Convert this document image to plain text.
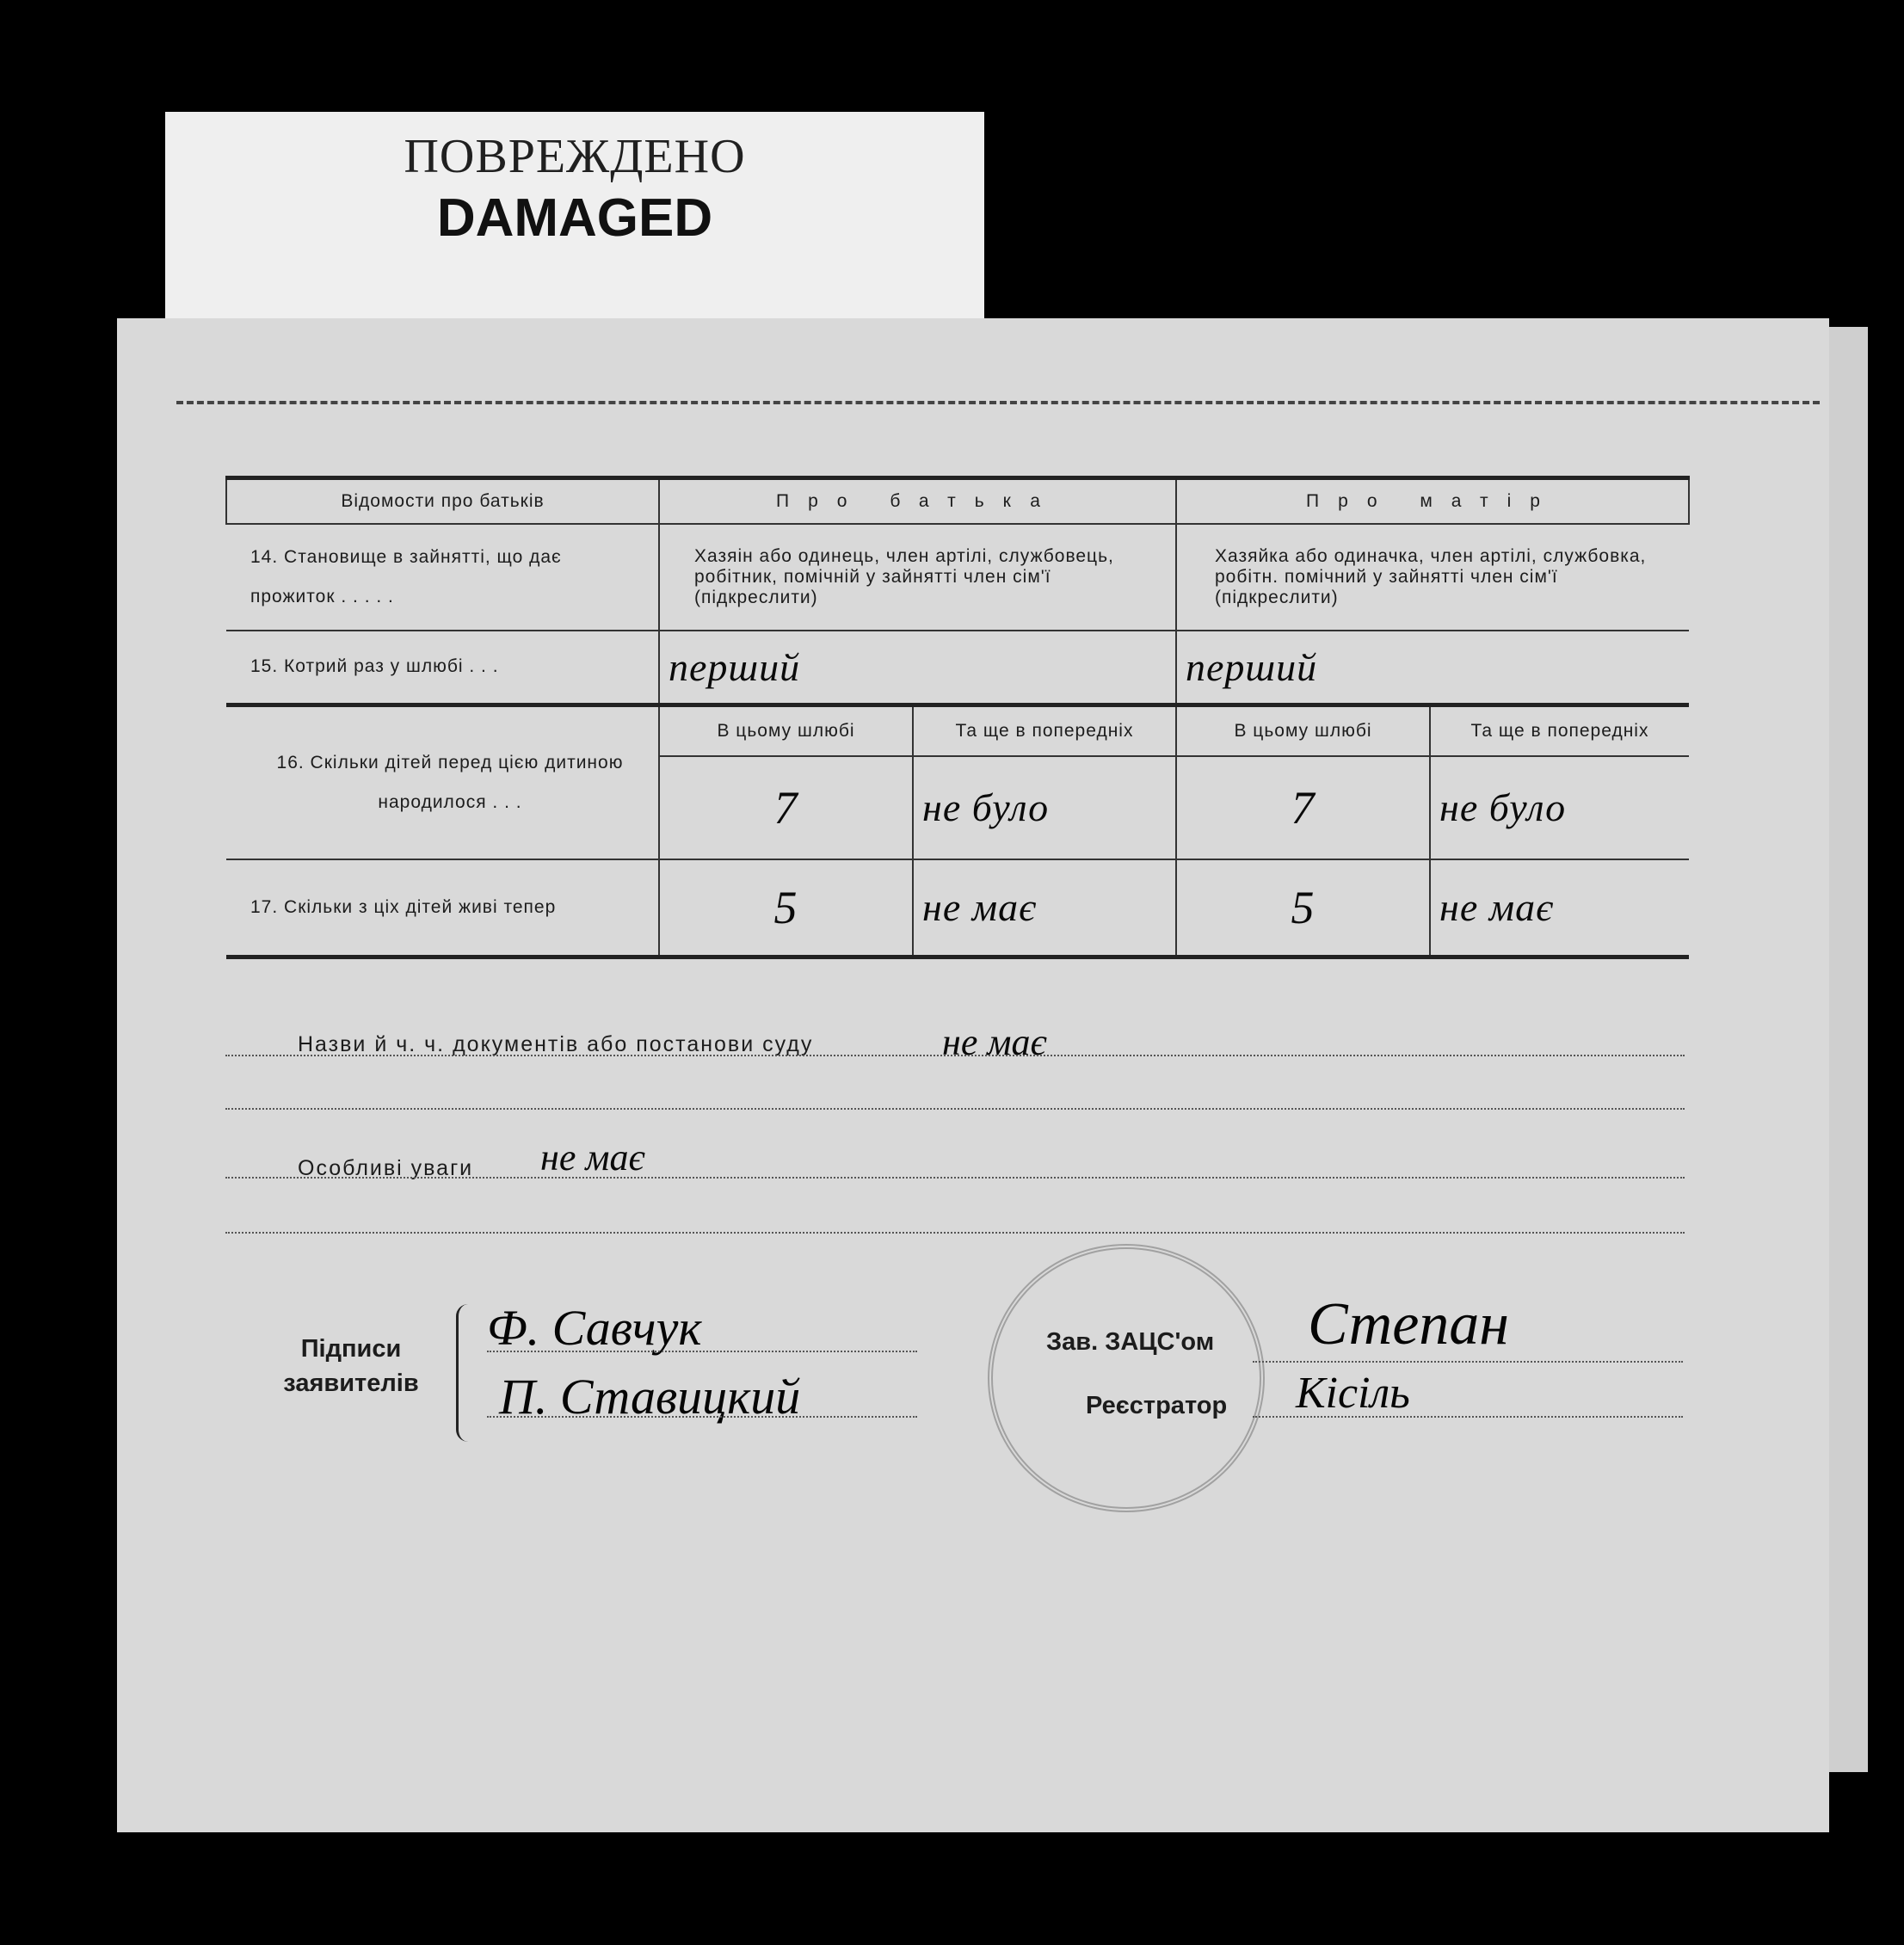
ПОВРЕЖДЕНО
DAMAGED
Відомости про батьків	Про батька		Про матір	
14. Становище в зайнятті, що дає прожиток . . . . .	Хазяін або одинець, член артілі, службовець, робітник, помічній у зайнятті член сім'ї (підкреслити)		Хазяйка або одиначка, член артілі, службовка, робітн. помічний у зайнятті член сім'ї (підкреслити)	
15. Котрий раз у шлюбі . . .	перший		перший	
16. Скільки дітей перед цією дитиною народилося . . .	В цьому шлюбі	Та ще в попередніх	В цьому шлюбі	Та ще в попередніх
	7	не було	7	не було
17. Скільки з ціх дітей живі тепер	5	не має	5	не має
Назви й ч. ч. документів або постанови суду	не має
Особливі уваги не має
Підписи заявителів
Ф. Савчук
П. Ставицкий
Зав. ЗАЦС'ом Степан
Реєстратор Кісіль
